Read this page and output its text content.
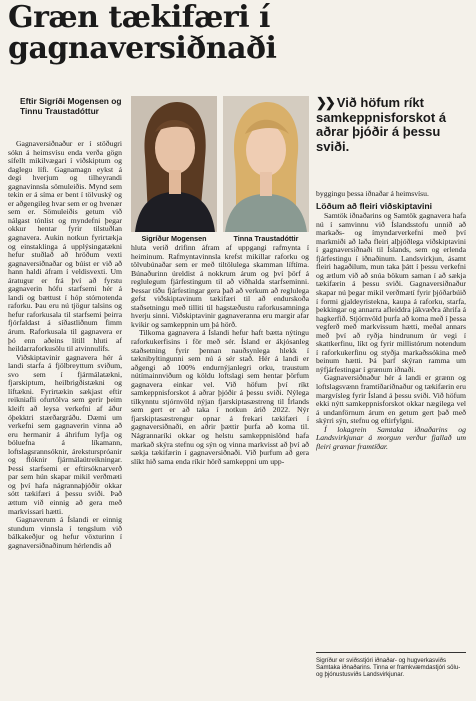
Græn tækifæri í gagnaversiðnaði
Eftir Sigríði Mogensen og Tinnu Traustadóttur

Gagnaversiðnaður er í stöðugri sókn á heimsvísu enda verða gögn sífellt mikilvægari í viðskiptum og daglegu lífi. Gagnamagn eykst á degi hverjum og tilheyrandi gagnavinnsla sömuleiðis. Mynd sem tekin er á síma er bent í tölvuský og er aðgengileg hvar sem er og hvenær sem er. Sömuleiðis getum við nálgast tónlist og myndefni þegar okkur hentar fyrir tilstuðlan gagnavera. Aukin notkun fyrirtækja og einstaklinga á upplýsingatækni hefur stuðlað að hröðum vexti gagnaversiðnaðar og búist er við að hann haldi áfram í veldisvexti. Um áratugur er frá því að fyrstu gagnaverin hófu starfsemi hér á landi og bættust í hóp stórnotenda raforku. Þau eru nú tjögur talsins og hefur raforkusala til starfsemi þeirra fjórfaldast á síðastliðnum fimm árum. Raforkusala til gagnavera er þó enn aðeins lítill hluti af heildarraforkusölu til atvinnulífs.

Viðskiptavinir gagnavera hér á landi starfa á fjölbreyttum sviðum, svo sem í fjármálatækni, fjarskiptum, heilbrigðistækni og líftækni. Fyrirtækin sækjast eftir reikniafli ofurtölva sem gerir þeim kleift að leysa verkefni af áður óþekktri stærðargráðu. Dæmi um verkefni sem gagnaverin vinna að eru hermanir á áhrifum lyfja og bóluefna á líkamann, loftslagsrannsóknir, áreksturspróanir og flóknir fjármálaútreikningar. Þessi starfsemi er eftirsóknarverð par sem hún skapar mikil verðmæti og því hafa nágrannaþjóðir okkar sótt tækifæri á þessu sviði. Það ættum við einnig að gera með markvissari hætti.

Gagnaverum á Íslandi er einnig stundum vinnsla í tengslum við bálkakeðjur og hefur vöxturinn í gagnaversiðnaðinum hérlendis að

Sigríður Mogensen	Tinna Traustadóttir

hluta verið drifinn áfram af uppgangi rafmynta í heiminum. Rafmyntavinnsla krefst mikillar raforku og tölvubúnaðar sem er með tiltölulega skamman líftíma. Búnaðurinn úreldist á nokkrum árum og því þörf á reglulegum fjárfestingum til að viðhalda starfseminni. Þessar tíðu fjárfestingar gera það að verkum að reglulega gefst viðskiptavinum tækifæri til að endurskoða staðsetningu með tilliti til hagstæðustu raforkusamninga hverju sinni. Viðskiptavinir gagnaveranna eru margir afar kvikir og samkeppnin um þá hörð.

Tilkoma gagnavera á Íslandi hefur haft bætta nýtingu raforkukerfisins í för með sér. Ísland er ákjósanleg staðsetning fyrir þennan nauðsynlega hlekk í tæknibyltingunni sem nú á sér stað. Hér á landi er aðgengi að 100% endurnýjanlegri orku, traustum nútímainnviðum og köldu loftslagi sem hentar þörfum gagnavera einkar vel. Við höfum því ríkt samkeppnisforskot á aðrar þjóðir á þessu sviði. Nýlega tilkynntu stjórnvöld nýjan fjarskiptasæstreng til Írlands sem gert er að taka í notkun árið 2022. Nýr fjarskiptasæstrengur opnar á frekari tækifæri í gagnaversiðnaði, en aðrir þættir þurfa að koma til. Nágrannaríki okkar og helstu samkeppnislönd hafa markað skýra stefnu og sýn og vinna markvisst að því að sækja tækifærin í gagnaversiðnaði. Við þurfum að gera slíkt hið sama enda ríkir hörð samkeppni um upp-

❯❯ Við höfum ríkt samkeppnisforskot á aðrar þjóðir á þessu sviði.

byggingu þessa iðnaðar á heimsvísu.

Löðum að fleiri viðskiptavini

Samtök iðnaðarins og Samtök gagnavera hafa nú í samvinnu við Íslandsstofu unnið að markaðs- og ímyndarverkefni með því markmiði að laða fleiri alþjóðlega viðskiptavini í gagnaversiðnaði til Íslands, sem og erlenda fjárfestingu í iðnaðinum. Landsvirkjun, ásamt fleiri hagaðilum, mun taka þátt í þessu verkefni og ætlum við að snúa bökum saman í að sækja tækifærin á þessu sviði. Gagnaversiðnaður skapar nú þegar mikil verðmætí fyrir þjóðarbúið í formi gjaldeyristekna, kaupa á raforku, starfa, þekkingar og annarra afleiddra jákvæðra áhrifa á hagkerfið. Stjórnvöld þurfa að koma með í þessa vegferð með markvissum hætti, meðal annars með því að ryðja hindrunum úr vegi í skattkerfinu, líkt og fyrir millistórum notendum í raforkukerfinu og styðja markaðssókina með beinum hætti. Þá þarf skýran ramma um nýfjárfestingar í grænum iðnaði.

Gagnaversiðnaður hér á landi er grænn og loftslagsvænn framtíðariðnaður og tækifærin eru margvísleg fyrir Ísland á þessu sviði. Við höfum ekki nýtt samkeppnisforskot okkar nægilega vel á undanförnum árum en getum gert það með skýrri sýn, stefnu og eftirfylgni.

Í lokagrein Samtaka iðnaðarins og Landsvirkjunar á morgun verður fjallað um fleiri grænar framtíðar.

Sigríður er sviðsstjóri iðnaðar- og hugverkasviðs Samtaka iðnaðarins. Tinna er framkvæmdastjóri sölu- og þjónustusviðs Landsvirkjunar.
